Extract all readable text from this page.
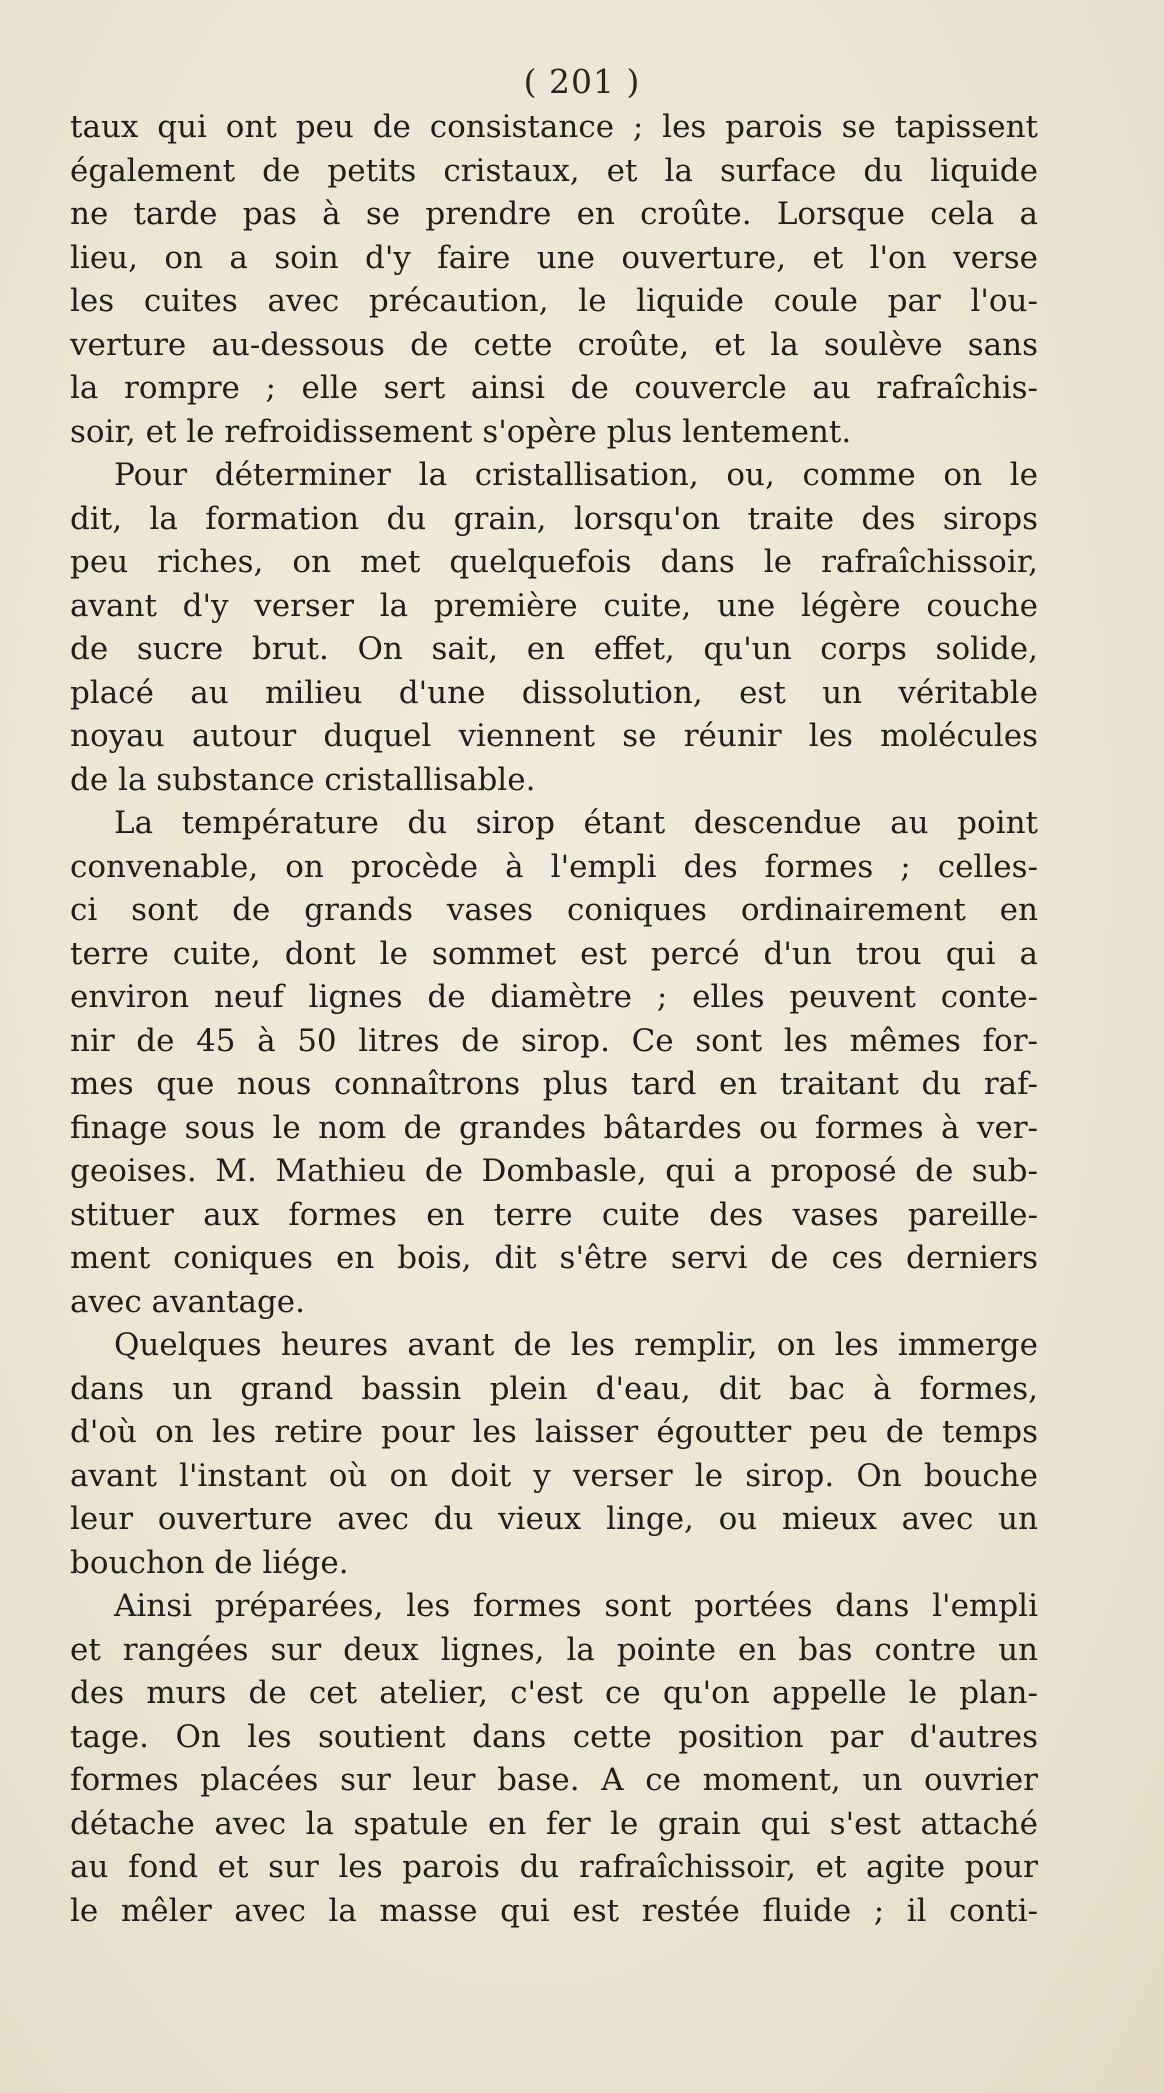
( 201 )
taux qui ont peu de consistance ; les parois se tapissent
également de petits cristaux, et la surface du liquide
ne tarde pas à se prendre en croûte. Lorsque cela a
lieu, on a soin d'y faire une ouverture, et l'on verse
les cuites avec précaution, le liquide coule par l'ou-
verture au-dessous de cette croûte, et la soulève sans
la rompre ; elle sert ainsi de couvercle au rafraîchis-
soir, et le refroidissement s'opère plus lentement.
Pour déterminer la cristallisation, ou, comme on le
dit, la formation du grain, lorsqu'on traite des sirops
peu riches, on met quelquefois dans le rafraîchissoir,
avant d'y verser la première cuite, une légère couche
de sucre brut. On sait, en effet, qu'un corps solide,
placé au milieu d'une dissolution, est un véritable
noyau autour duquel viennent se réunir les molécules
de la substance cristallisable.
La température du sirop étant descendue au point
convenable, on procède à l'empli des formes ; celles-
ci sont de grands vases coniques ordinairement en
terre cuite, dont le sommet est percé d'un trou qui a
environ neuf lignes de diamètre ; elles peuvent conte-
nir de 45 à 50 litres de sirop. Ce sont les mêmes for-
mes que nous connaîtrons plus tard en traitant du raf-
finage sous le nom de grandes bâtardes ou formes à ver-
geoises. M. Mathieu de Dombasle, qui a proposé de sub-
stituer aux formes en terre cuite des vases pareille-
ment coniques en bois, dit s'être servi de ces derniers
avec avantage.
Quelques heures avant de les remplir, on les immerge
dans un grand bassin plein d'eau, dit bac à formes,
d'où on les retire pour les laisser égoutter peu de temps
avant l'instant où on doit y verser le sirop. On bouche
leur ouverture avec du vieux linge, ou mieux avec un
bouchon de liége.
Ainsi préparées, les formes sont portées dans l'empli
et rangées sur deux lignes, la pointe en bas contre un
des murs de cet atelier, c'est ce qu'on appelle le plan-
tage. On les soutient dans cette position par d'autres
formes placées sur leur base. A ce moment, un ouvrier
détache avec la spatule en fer le grain qui s'est attaché
au fond et sur les parois du rafraîchissoir, et agite pour
le mêler avec la masse qui est restée fluide ; il conti-
